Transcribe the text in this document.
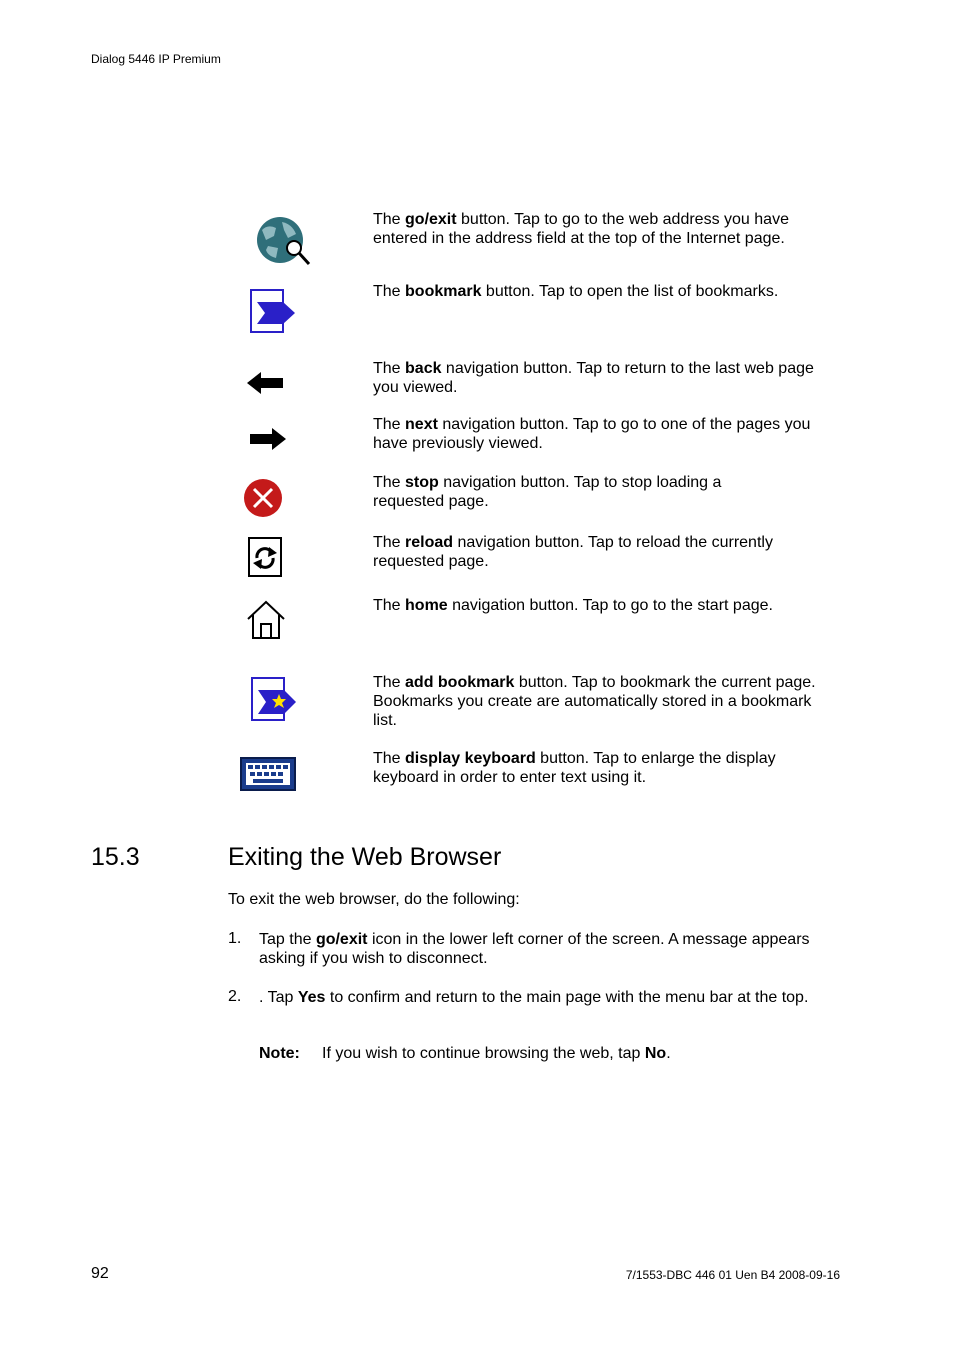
Dialog 5446 IP Premium
The go/exit button. Tap to go to the web address you have entered in the address field at the top of the Internet page.
The bookmark button. Tap to open the list of bookmarks.
The back navigation button. Tap to return to the last web page you viewed.
The next navigation button. Tap to go to one of the pages you have previously viewed.
The stop navigation button. Tap to stop loading a requested page.
The reload navigation button. Tap to reload the currently requested page.
The home navigation button. Tap to go to the start page.
The add bookmark button. Tap to bookmark the current page. Bookmarks you create are automatically stored in a bookmark list.
The display keyboard button. Tap to enlarge the display keyboard in order to enter text using it.
15.3	Exiting the Web Browser
To exit the web browser, do the following:
1. Tap the go/exit icon in the lower left corner of the screen. A message appears asking if you wish to disconnect.
2. . Tap Yes to confirm and return to the main page with the menu bar at the top.
Note: If you wish to continue browsing the web, tap No.
92	7/1553-DBC 446 01 Uen B4 2008-09-16
